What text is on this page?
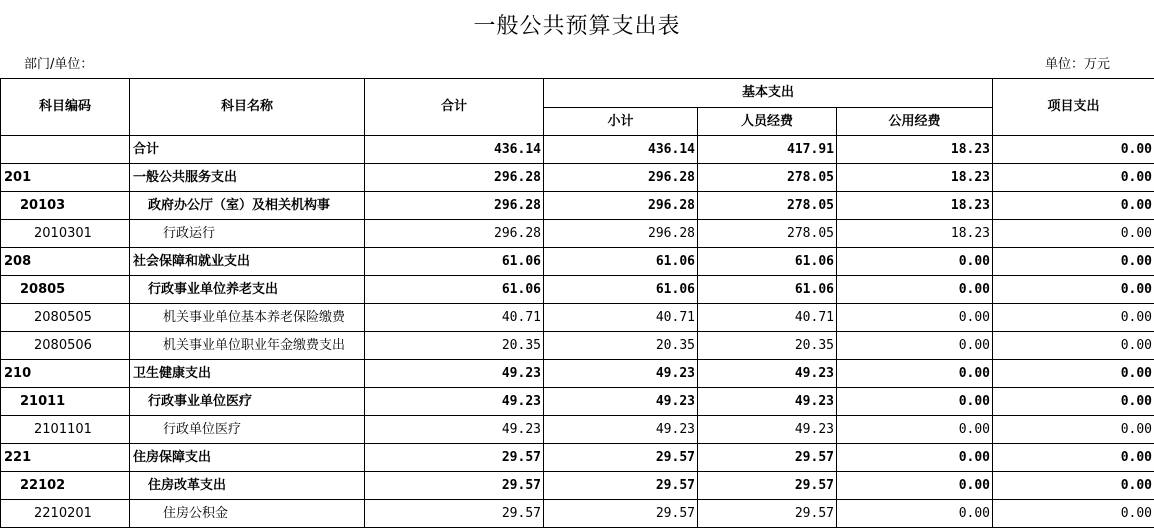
一般公共预算支出表
部门/单位：	单位：万元
科目编码	科目名称	合计	基本支出			项目支出
			小计	人员经费	公用经费	
	合计	436.14	436.14	417.91	18.23	0.00
201	一般公共服务支出	296.28	296.28	278.05	18.23	0.00
20103	政府办公厅（室）及相关机构事	296.28	296.28	278.05	18.23	0.00
2010301	行政运行	296.28	296.28	278.05	18.23	0.00
208	社会保障和就业支出	61.06	61.06	61.06	0.00	0.00
20805	行政事业单位养老支出	61.06	61.06	61.06	0.00	0.00
2080505	机关事业单位基本养老保险缴费	40.71	40.71	40.71	0.00	0.00
2080506	机关事业单位职业年金缴费支出	20.35	20.35	20.35	0.00	0.00
210	卫生健康支出	49.23	49.23	49.23	0.00	0.00
21011	行政事业单位医疗	49.23	49.23	49.23	0.00	0.00
2101101	行政单位医疗	49.23	49.23	49.23	0.00	0.00
221	住房保障支出	29.57	29.57	29.57	0.00	0.00
22102	住房改革支出	29.57	29.57	29.57	0.00	0.00
2210201	住房公积金	29.57	29.57	29.57	0.00	0.00
